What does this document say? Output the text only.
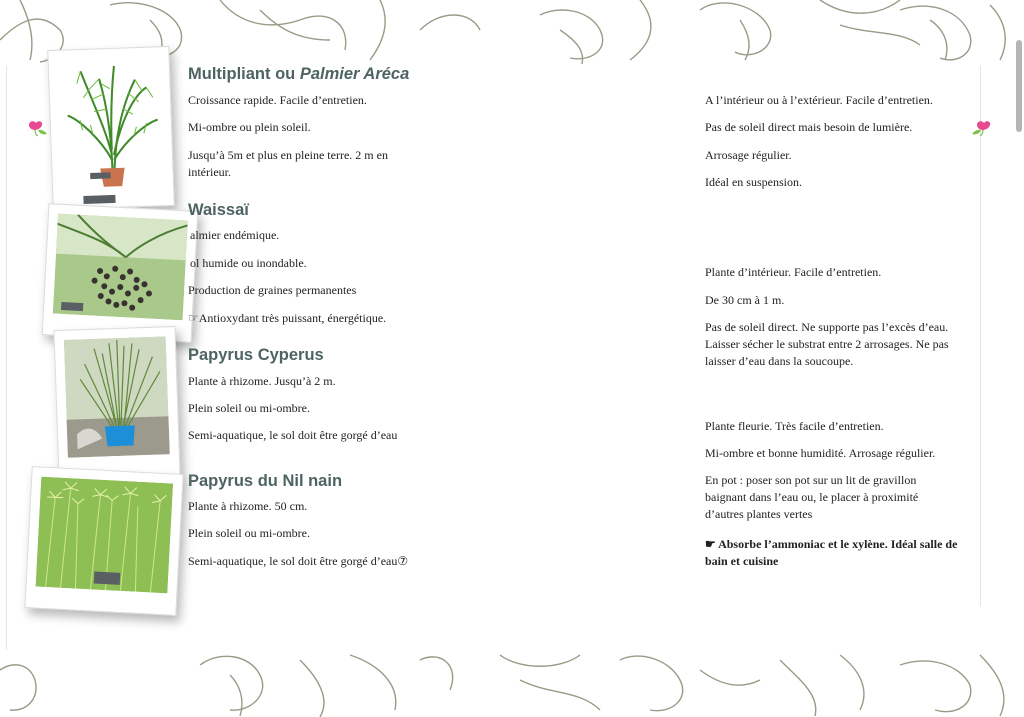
Multipliant ou Palmier Aréca

Croissance rapide. Facile d’entretien.

Mi-ombre ou plein soleil.

Jusqu’à 5m et plus en pleine terre. 2 m en intérieur.

Waissaï

almier endémique.

ol humide ou inondable.

Production de graines permanentes

☞Antioxydant très puissant, énergétique.

Papyrus Cyperus

Plante à rhizome. Jusqu’à 2 m.

Plein soleil ou mi-ombre.

Semi-aquatique, le sol doit être gorgé d’eau

Papyrus du Nil nain

Plante à rhizome. 50 cm.

Plein soleil ou mi-ombre.

Semi-aquatique, le sol doit être gorgé d’eau⑦

A l’intérieur ou à l’extérieur. Facile d’entretien.

Pas de soleil direct mais besoin de lumière.

Arrosage régulier.

Idéal en suspension.

Plante d’intérieur. Facile d’entretien.

De 30 cm à 1 m.

Pas de soleil direct. Ne supporte pas l’excès d’eau. Laisser sécher le substrat entre 2 arrosages. Ne pas laisser d’eau dans la soucoupe.

Plante fleurie. Très facile d’entretien.

Mi-ombre et bonne humidité. Arrosage régulier.

En pot : poser son pot sur un lit de gravillon baignant dans l’eau ou, le placer à proximité d’autres plantes vertes

☛ Absorbe l’ammoniac et le xylène. Idéal salle de bain et cuisine
